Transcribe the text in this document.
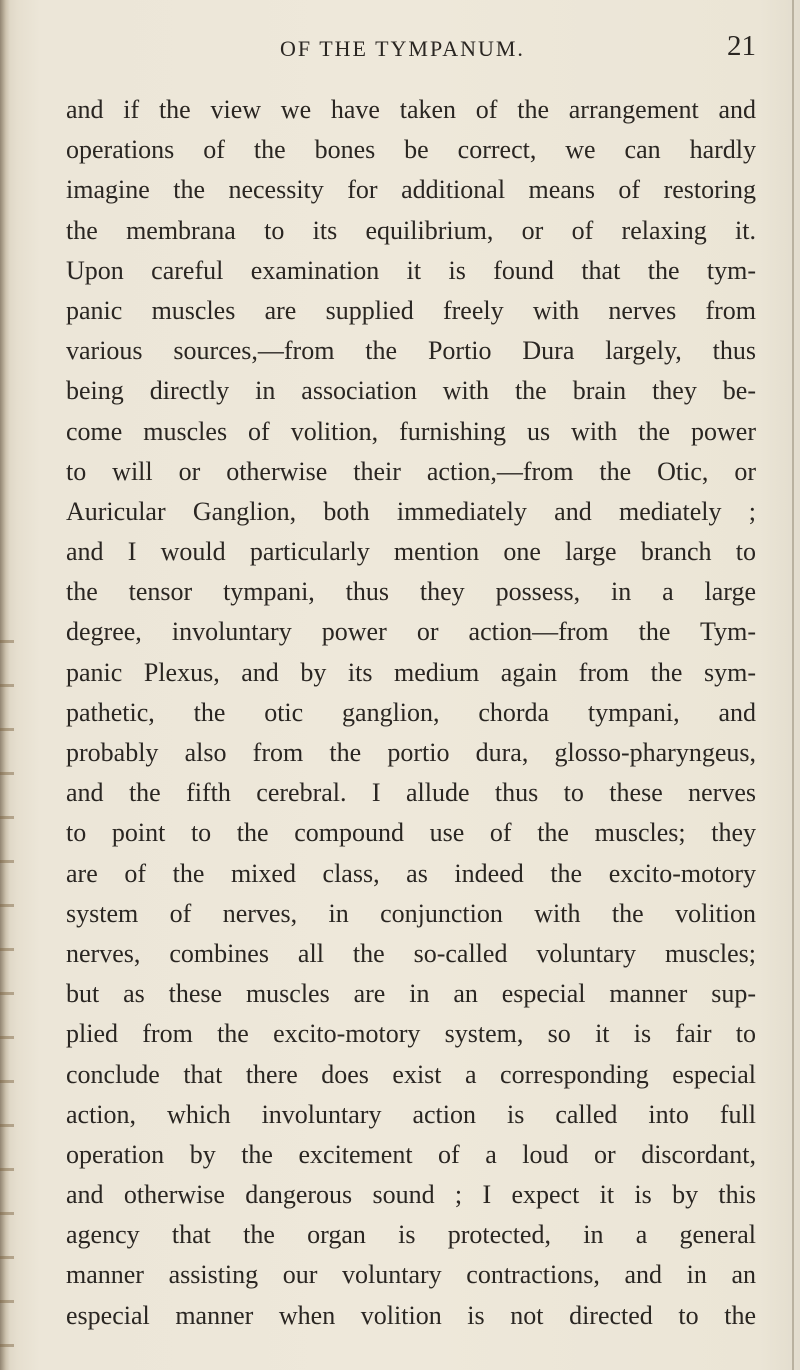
OF THE TYMPANUM.	21
and if the view we have taken of the arrangement and
operations of the bones be correct, we can hardly
imagine the necessity for additional means of restoring
the membrana to its equilibrium, or of relaxing it.
Upon careful examination it is found that the tym-
panic muscles are supplied freely with nerves from
various sources,—from the Portio Dura largely, thus
being directly in association with the brain they be-
come muscles of volition, furnishing us with the power
to will or otherwise their action,—from the Otic, or
Auricular Ganglion, both immediately and mediately ;
and I would particularly mention one large branch to
the tensor tympani, thus they possess, in a large
degree, involuntary power or action—from the Tym-
panic Plexus, and by its medium again from the sym-
pathetic, the otic ganglion, chorda tympani, and
probably also from the portio dura, glosso-pharyngeus,
and the fifth cerebral. I allude thus to these nerves
to point to the compound use of the muscles; they
are of the mixed class, as indeed the excito-motory
system of nerves, in conjunction with the volition
nerves, combines all the so-called voluntary muscles;
but as these muscles are in an especial manner sup-
plied from the excito-motory system, so it is fair to
conclude that there does exist a corresponding especial
action, which involuntary action is called into full
operation by the excitement of a loud or discordant,
and otherwise dangerous sound ; I expect it is by this
agency that the organ is protected, in a general
manner assisting our voluntary contractions, and in an
especial manner when volition is not directed to the
